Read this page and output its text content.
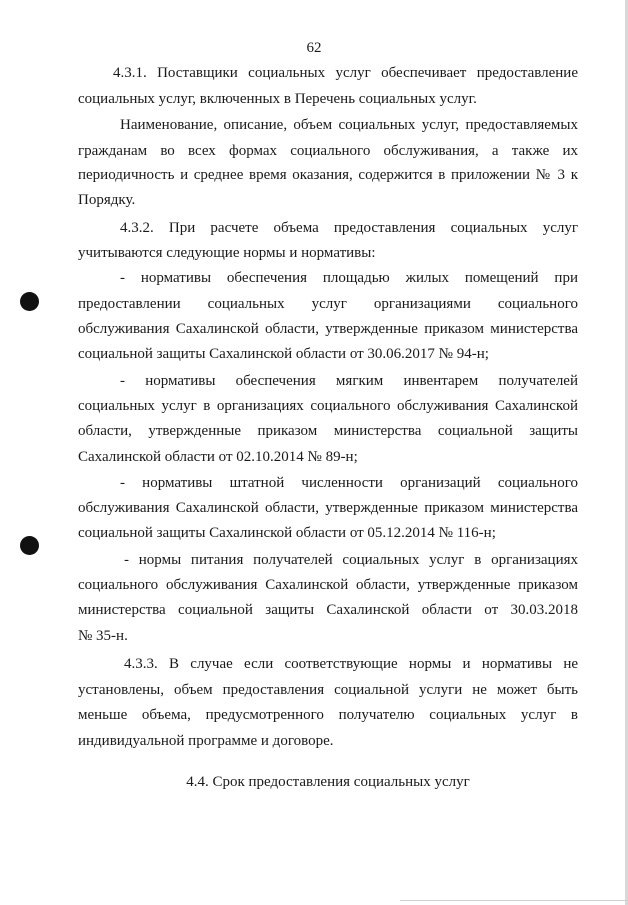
62
4.3.1. Поставщики социальных услуг обеспечивает предоставление
социальных услуг, включенных в Перечень социальных услуг.
Наименование, описание, объем социальных услуг, предоставляемых
гражданам во всех формах социального обслуживания, а также их
периодичность и среднее время оказания, содержится в приложении № 3 к
Порядку.
4.3.2. При расчете объема предоставления социальных услуг
учитываются следующие нормы и нормативы:
- нормативы обеспечения площадью жилых помещений при
предоставлении социальных услуг организациями социального
обслуживания Сахалинской области, утвержденные приказом министерства
социальной защиты Сахалинской области от 30.06.2017 № 94-н;
- нормативы обеспечения мягким инвентарем получателей
социальных услуг в организациях социального обслуживания Сахалинской
области, утвержденные приказом министерства социальной защиты
Сахалинской области от 02.10.2014 № 89-н;
- нормативы штатной численности организаций социального
обслуживания Сахалинской области, утвержденные приказом министерства
социальной защиты Сахалинской области от 05.12.2014 № 116-н;
- нормы питания получателей социальных услуг в организациях
социального обслуживания Сахалинской области, утвержденные приказом
министерства социальной защиты Сахалинской области от 30.03.2018
№ 35-н.
4.3.3. В случае если соответствующие нормы и нормативы не
установлены, объем предоставления социальной услуги не может быть
меньше объема, предусмотренного получателю социальных услуг в
индивидуальной программе и договоре.
4.4. Срок предоставления социальных услуг
